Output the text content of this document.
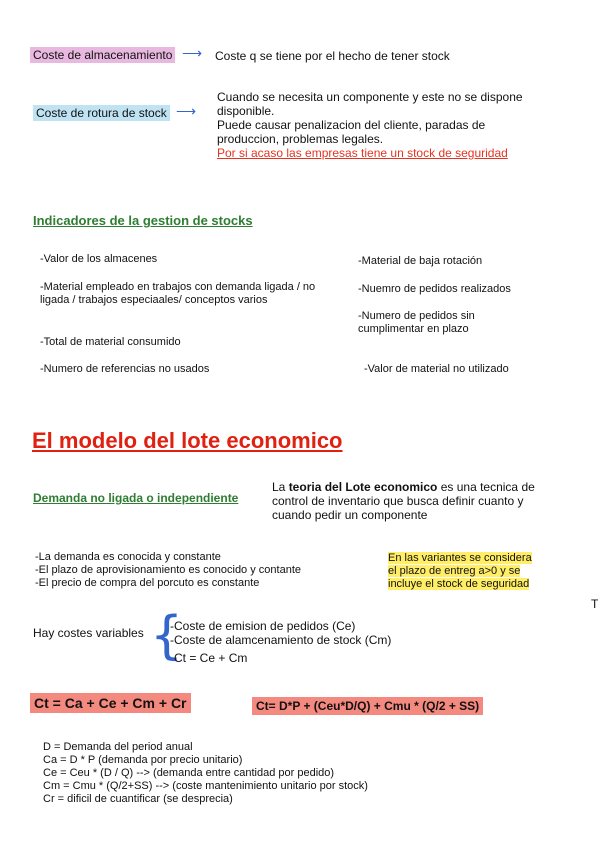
Coste de almacenamiento ⟶ Coste q se tiene por el hecho de tener stock
Coste de rotura de stock ⟶
Cuando se necesita un componente y este no se dispone
disponible.
Puede causar penalizacion del cliente, paradas de
produccion, problemas legales.
Por si acaso las empresas tiene un stock de seguridad
Indicadores de la gestion de stocks
-Valor de los almacenes
-Material empleado en trabajos con demanda ligada / no ligada / trabajos especiaales/ conceptos varios
-Total de material consumido
-Numero de referencias no usados
-Material de baja rotación
-Nuemro de pedidos realizados
-Numero de pedidos sin cumplimentar en plazo
-Valor de material no utilizado
El modelo del lote economico
Demanda no ligada o independiente
La teoria del Lote economico es una tecnica de control de inventario que busca definir cuanto y cuando pedir un componente
-La demanda es conocida y constante
-El plazo de aprovisionamiento es conocido y contante
-El precio de compra del porcuto es constante
En las variantes se considera
el plazo de entreg a>0 y se
incluye el stock de seguridad
T
Hay costes variables {
-Coste de emision de pedidos (Ce)
-Coste de alamcenamiento de stock (Cm)
Ct = Ce + Cm
Ct = Ca + Ce + Cm + Cr	Ct= D*P + (Ceu*D/Q) + Cmu * (Q/2 + SS)
D = Demanda del period anual
Ca = D * P (demanda por precio unitario)
Ce = Ceu * (D / Q) --> (demanda entre cantidad por pedido)
Cm = Cmu * (Q/2+SS) --> (coste mantenimiento unitario por stock)
Cr = dificil de cuantificar (se desprecia)
